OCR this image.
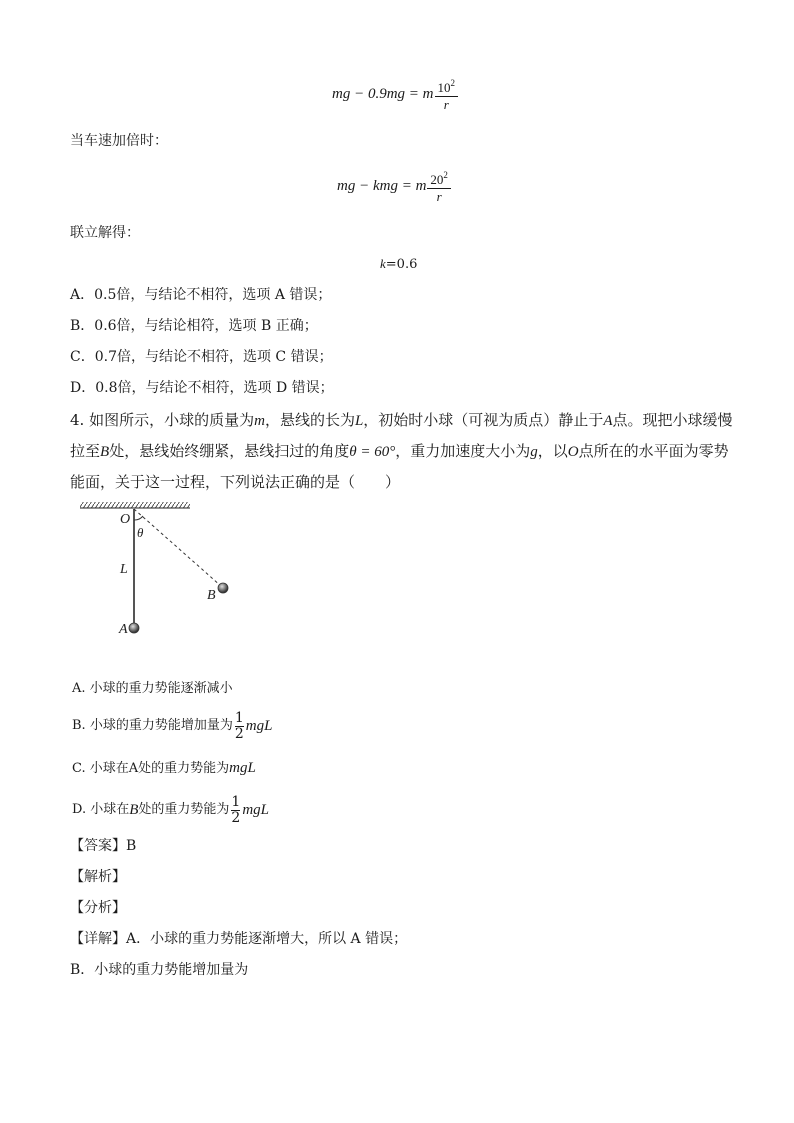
mg − 0.9mg = m $\frac{10^2}{r}$
当车速加倍时：
mg − kmg = m $\frac{20^2}{r}$
联立解得：
k=0.6
A．0.5倍，与结论不相符，选项 A 错误；
B．0.6倍，与结论相符，选项 B 正确；
C．0.7倍，与结论不相符，选项 C 错误；
D．0.8倍，与结论不相符，选项 D 错误；
4. 如图所示，小球的质量为m，悬线的长为L，初始时小球（可视为质点）静止于A点。现把小球缓慢
拉至B处，悬线始终绷紧，悬线扫过的角度θ = 60°，重力加速度大小为g，以O点所在的水平面为零势
能面，关于这一过程，下列说法正确的是（　　）
O
θ
L
B
A
A. 小球的重力势能逐渐减小
B. 小球的重力势能增加量为 1
2 mgL
C. 小球在A处的重力势能为mgL
D. 小球在 B 处的重力势能为 1
2 mgL
【答案】B
【解析】
【分析】
【详解】A．小球的重力势能逐渐增大，所以 A 错误；
B．小球的重力势能增加量为
